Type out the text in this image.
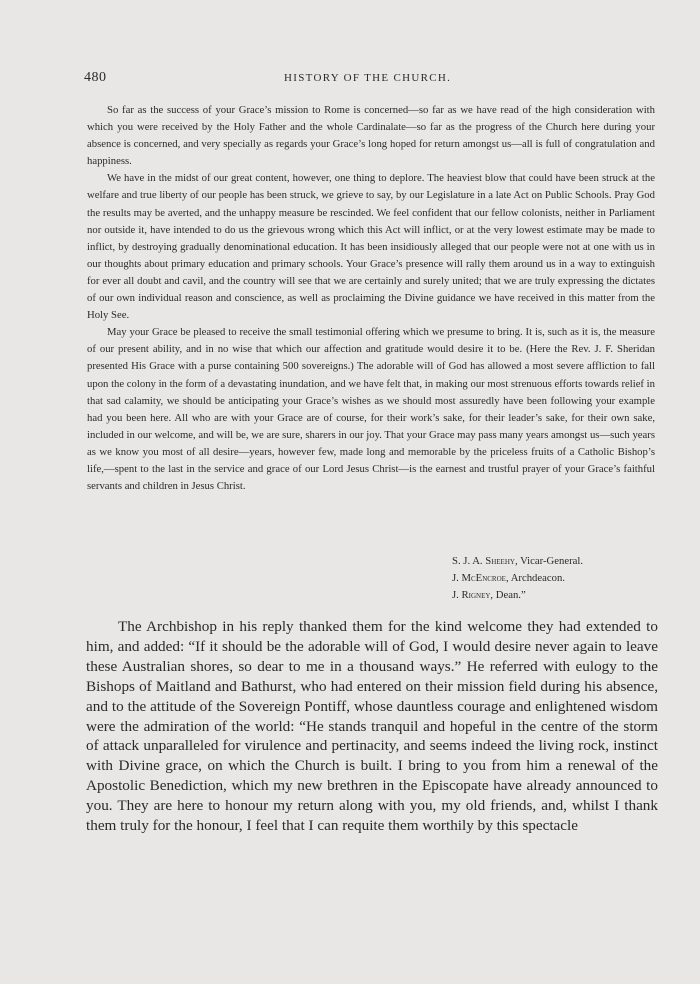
480	HISTORY OF THE CHURCH.

So far as the success of your Grace’s mission to Rome is concerned—so far as we have read of the high consideration with which you were received by the Holy Father and the whole Cardinalate—so far as the progress of the Church here during your absence is concerned, and very specially as regards your Grace’s long hoped for return amongst us—all is full of congratulation and happiness.

We have in the midst of our great content, however, one thing to deplore. The heaviest blow that could have been struck at the welfare and true liberty of our people has been struck, we grieve to say, by our Legislature in a late Act on Public Schools. Pray God the results may be averted, and the unhappy measure be rescinded. We feel confident that our fellow colonists, neither in Parliament nor outside it, have intended to do us the grievous wrong which this Act will inflict, or at the very lowest estimate may be made to inflict, by destroying gradually denominational education. It has been insidiously alleged that our people were not at one with us in our thoughts about primary education and primary schools. Your Grace’s presence will rally them around us in a way to extinguish for ever all doubt and cavil, and the country will see that we are certainly and surely united; that we are truly expressing the dictates of our own individual reason and conscience, as well as proclaiming the Divine guidance we have received in this matter from the Holy See.

May your Grace be pleased to receive the small testimonial offering which we presume to bring. It is, such as it is, the measure of our present ability, and in no wise that which our affection and gratitude would desire it to be. (Here the Rev. J. F. Sheridan presented His Grace with a purse containing 500 sovereigns.) The adorable will of God has allowed a most severe affliction to fall upon the colony in the form of a devastating inundation, and we have felt that, in making our most strenuous efforts towards relief in that sad calamity, we should be anticipating your Grace’s wishes as we should most assuredly have been following your example had you been here. All who are with your Grace are of course, for their work’s sake, for their leader’s sake, for their own sake, included in our welcome, and will be, we are sure, sharers in our joy. That your Grace may pass many years amongst us—such years as we know you most of all desire—years, however few, made long and memorable by the priceless fruits of a Catholic Bishop’s life,—spent to the last in the service and grace of our Lord Jesus Christ—is the earnest and trustful prayer of your Grace’s faithful servants and children in Jesus Christ.

S. J. A. Sheehy, Vicar-General.
J. McEncroe, Archdeacon.
J. Rigney, Dean.”

The Archbishop in his reply thanked them for the kind welcome they had extended to him, and added: “If it should be the adorable will of God, I would desire never again to leave these Australian shores, so dear to me in a thousand ways.” He referred with eulogy to the Bishops of Maitland and Bathurst, who had entered on their mission field during his absence, and to the attitude of the Sovereign Pontiff, whose dauntless courage and enlightened wisdom were the admiration of the world: “He stands tranquil and hopeful in the centre of the storm of attack unparalleled for virulence and pertinacity, and seems indeed the living rock, instinct with Divine grace, on which the Church is built. I bring to you from him a renewal of the Apostolic Benediction, which my new brethren in the Episcopate have already announced to you. They are here to honour my return along with you, my old friends, and, whilst I thank them truly for the honour, I feel that I can requite them worthily by this spectacle
